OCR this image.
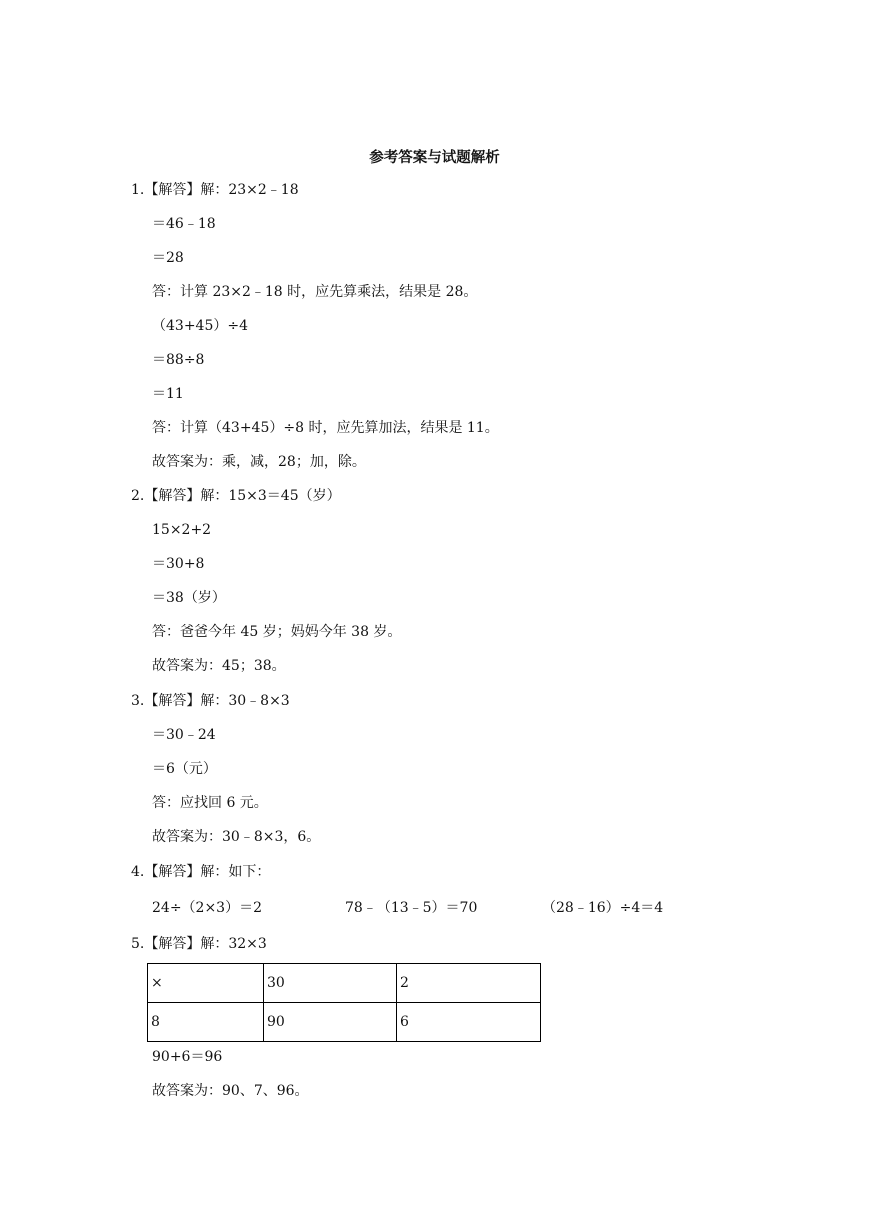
参考答案与试题解析
1.【解答】解：23×2﹣18
＝46﹣18
＝28
答：计算 23×2﹣18 时，应先算乘法，结果是 28。
（43+45）÷4
＝88÷8
＝11
答：计算（43+45）÷8 时，应先算加法，结果是 11。
故答案为：乘，减，28；加，除。
2.【解答】解：15×3＝45（岁）
15×2+2
＝30+8
＝38（岁）
答：爸爸今年 45 岁；妈妈今年 38 岁。
故答案为：45；38。
3.【解答】解：30﹣8×3
＝30﹣24
＝6（元）
答：应找回 6 元。
故答案为：30﹣8×3，6。
4.【解答】解：如下：
24÷（2×3）＝2	78﹣（13﹣5）＝70	（28﹣16）÷4＝4
5.【解答】解：32×3
×	30	2
8	90	6
90+6＝96
故答案为：90、7、96。
